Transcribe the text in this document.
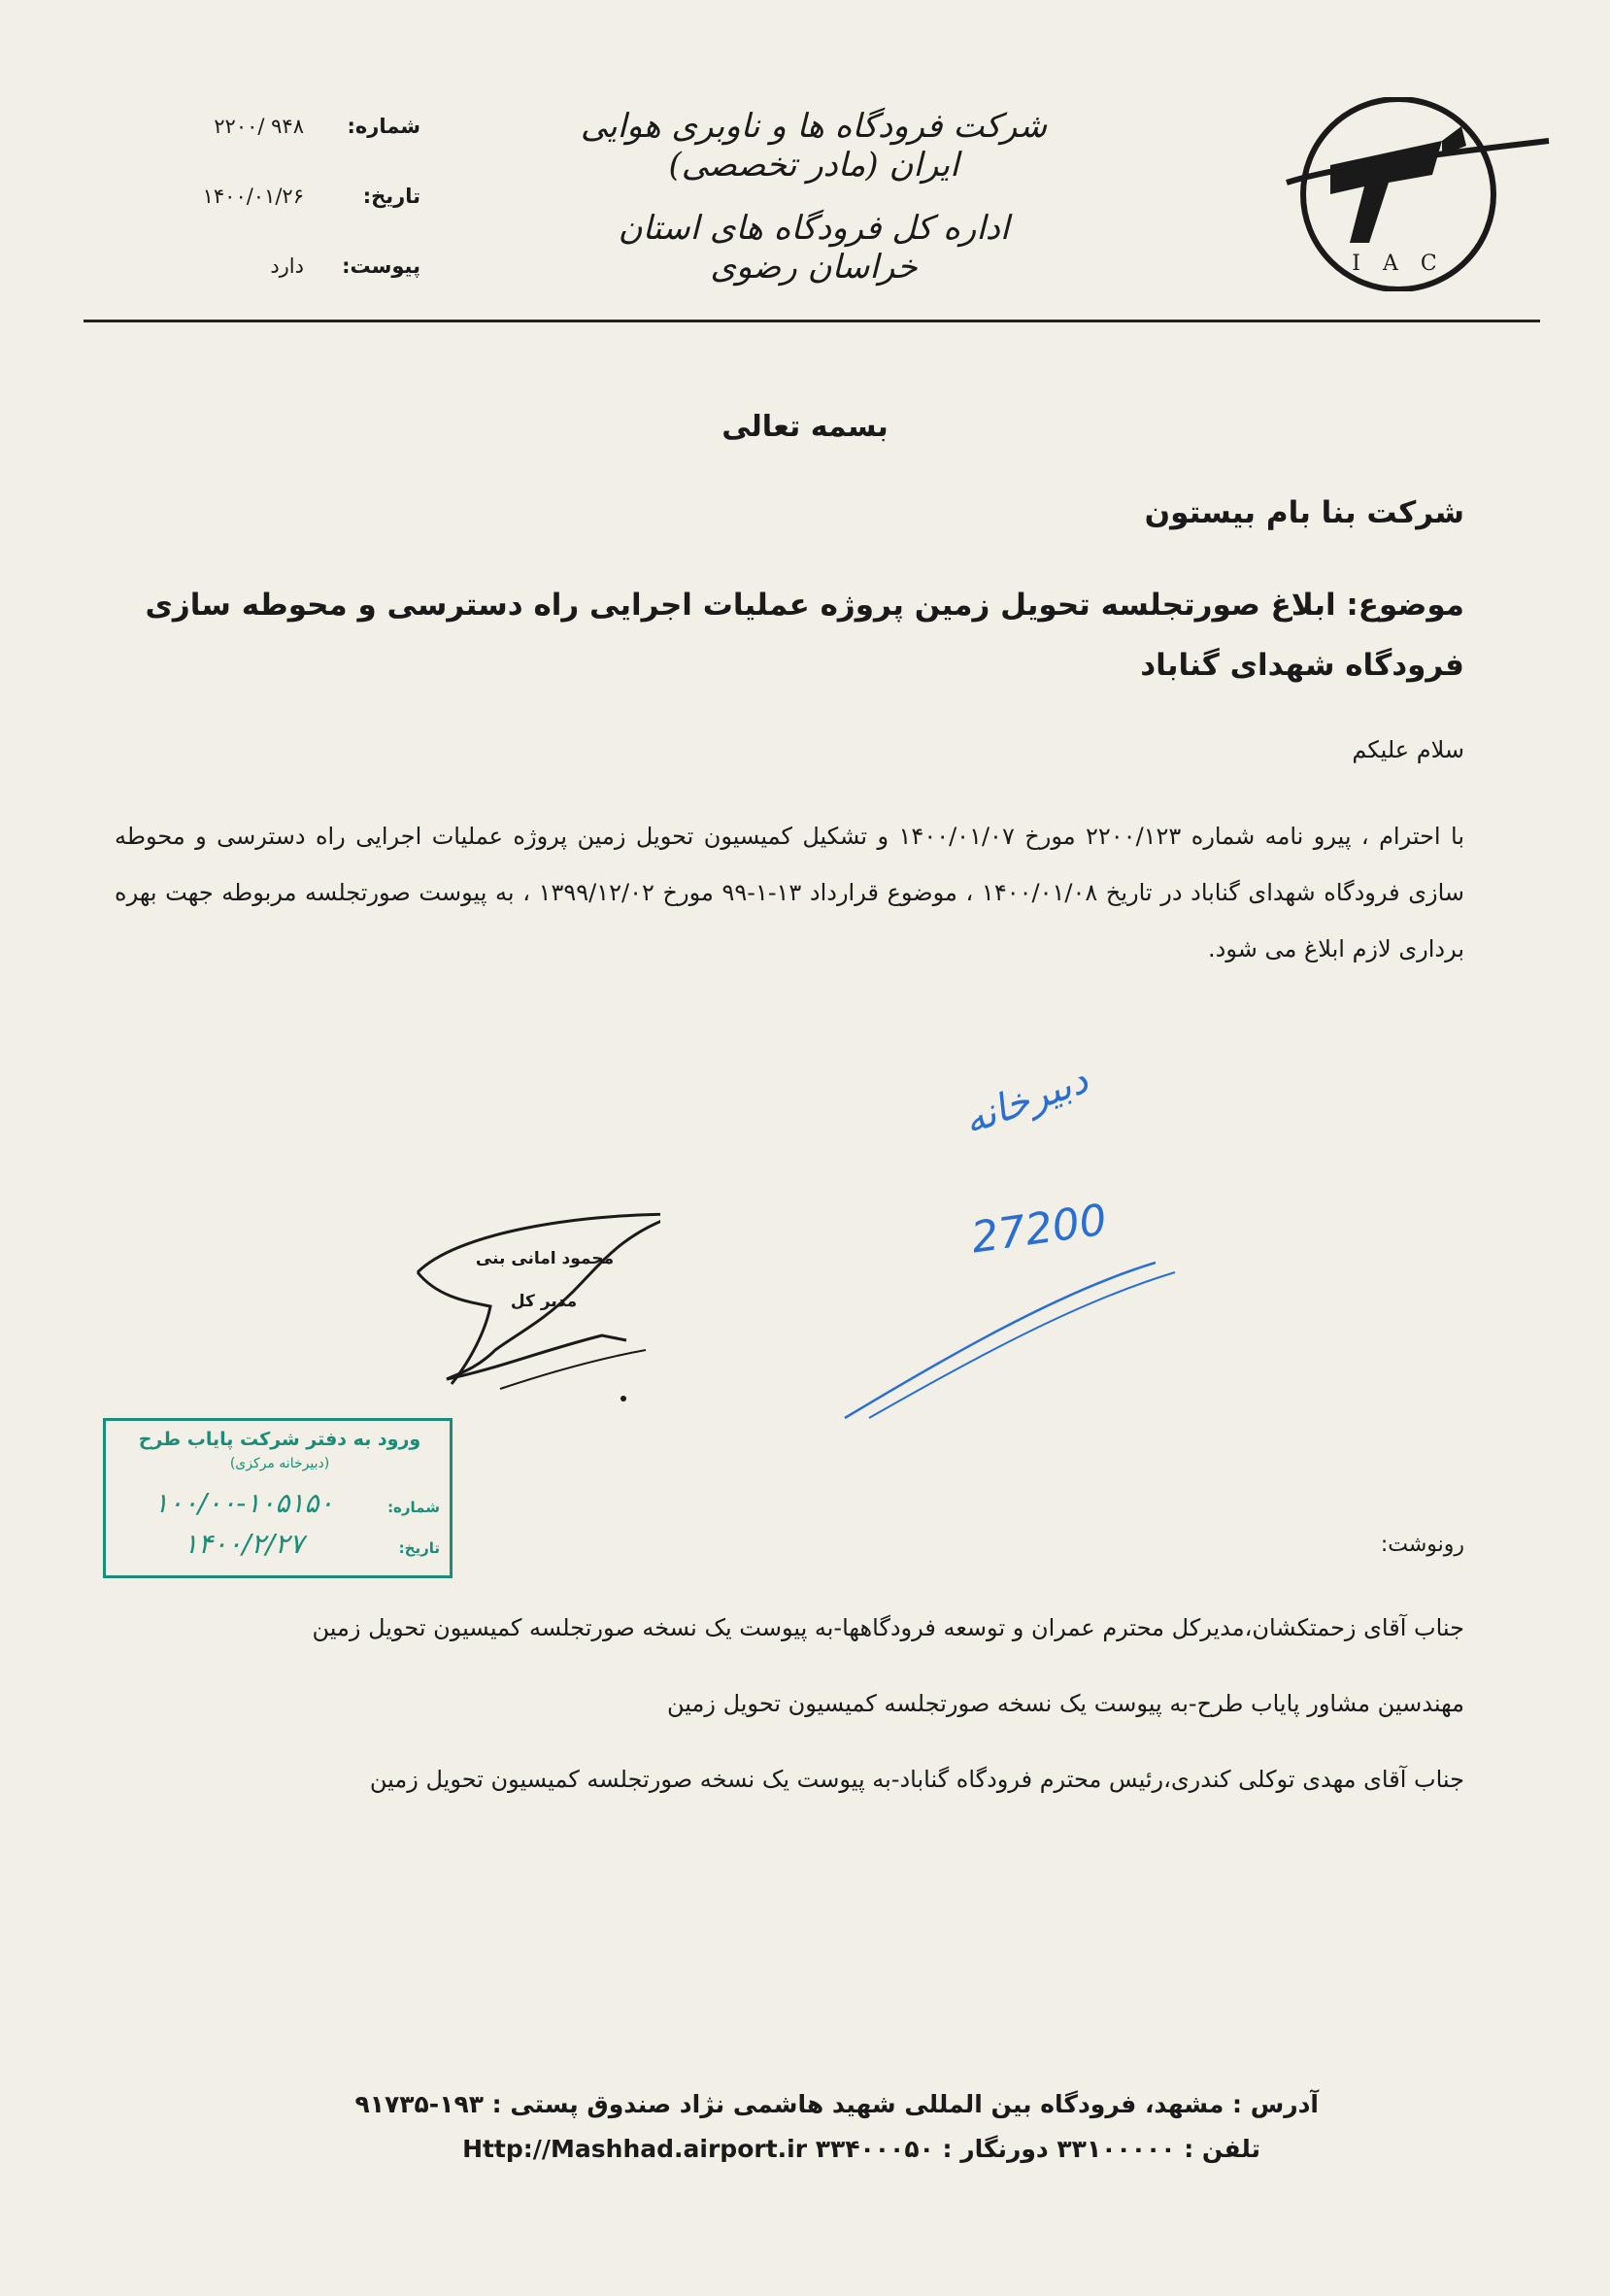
I A C
شرکت فرودگاه ها و ناوبری هوایی ایران (مادر تخصصی)
اداره کل فرودگاه های استان خراسان رضوی
شماره:
۲۲۰۰/ ۹۴۸
تاریخ:
۱۴۰۰/۰۱/۲۶
پیوست:
دارد
بسمه تعالی
شرکت بنا بام بیستون
موضوع: ابلاغ صورتجلسه تحویل زمین پروژه عملیات اجرایی راه دسترسی و محوطه سازی فرودگاه شهدای گناباد
سلام علیکم
با احترام ، پیرو نامه شماره ۲۲۰۰/۱۲۳ مورخ ۱۴۰۰/۰۱/۰۷ و تشکیل کمیسیون تحویل زمین پروژه عملیات اجرایی راه دسترسی و محوطه سازی فرودگاه شهدای گناباد در تاریخ ۱۴۰۰/۰۱/۰۸ ، موضوع قرارداد ۱۳-۱-۹۹ مورخ ۱۳۹۹/۱۲/۰۲ ، به پیوست صورتجلسه مربوطه جهت بهره برداری لازم ابلاغ می شود.
محمود امانی بنی
مدیر کل
دبیرخانه
27200
ورود به دفتر شرکت پایاب طرح
(دبیرخانه مرکزی)
شماره:
۱۰۰/۰۰-۱۰۵۱۵۰
تاریخ:
۱۴۰۰/۲/۲۷	رونوشت:
جناب آقای زحمتکشان،مدیرکل محترم عمران و توسعه فرودگاهها-به پیوست یک نسخه صورتجلسه کمیسیون تحویل زمین
مهندسین مشاور پایاب طرح-به پیوست یک نسخه صورتجلسه کمیسیون تحویل زمین
جناب آقای مهدی توکلی کندری،رئیس محترم فرودگاه گناباد-به پیوست یک نسخه صورتجلسه کمیسیون تحویل زمین
آدرس : مشهد، فرودگاه بین المللی شهید هاشمی نژاد صندوق پستی : ۱۹۳-۹۱۷۳۵
تلفن : ۳۳۱۰۰۰۰۰ دورنگار : ۳۳۴۰۰۰۵۰ Http://Mashhad.airport.ir
